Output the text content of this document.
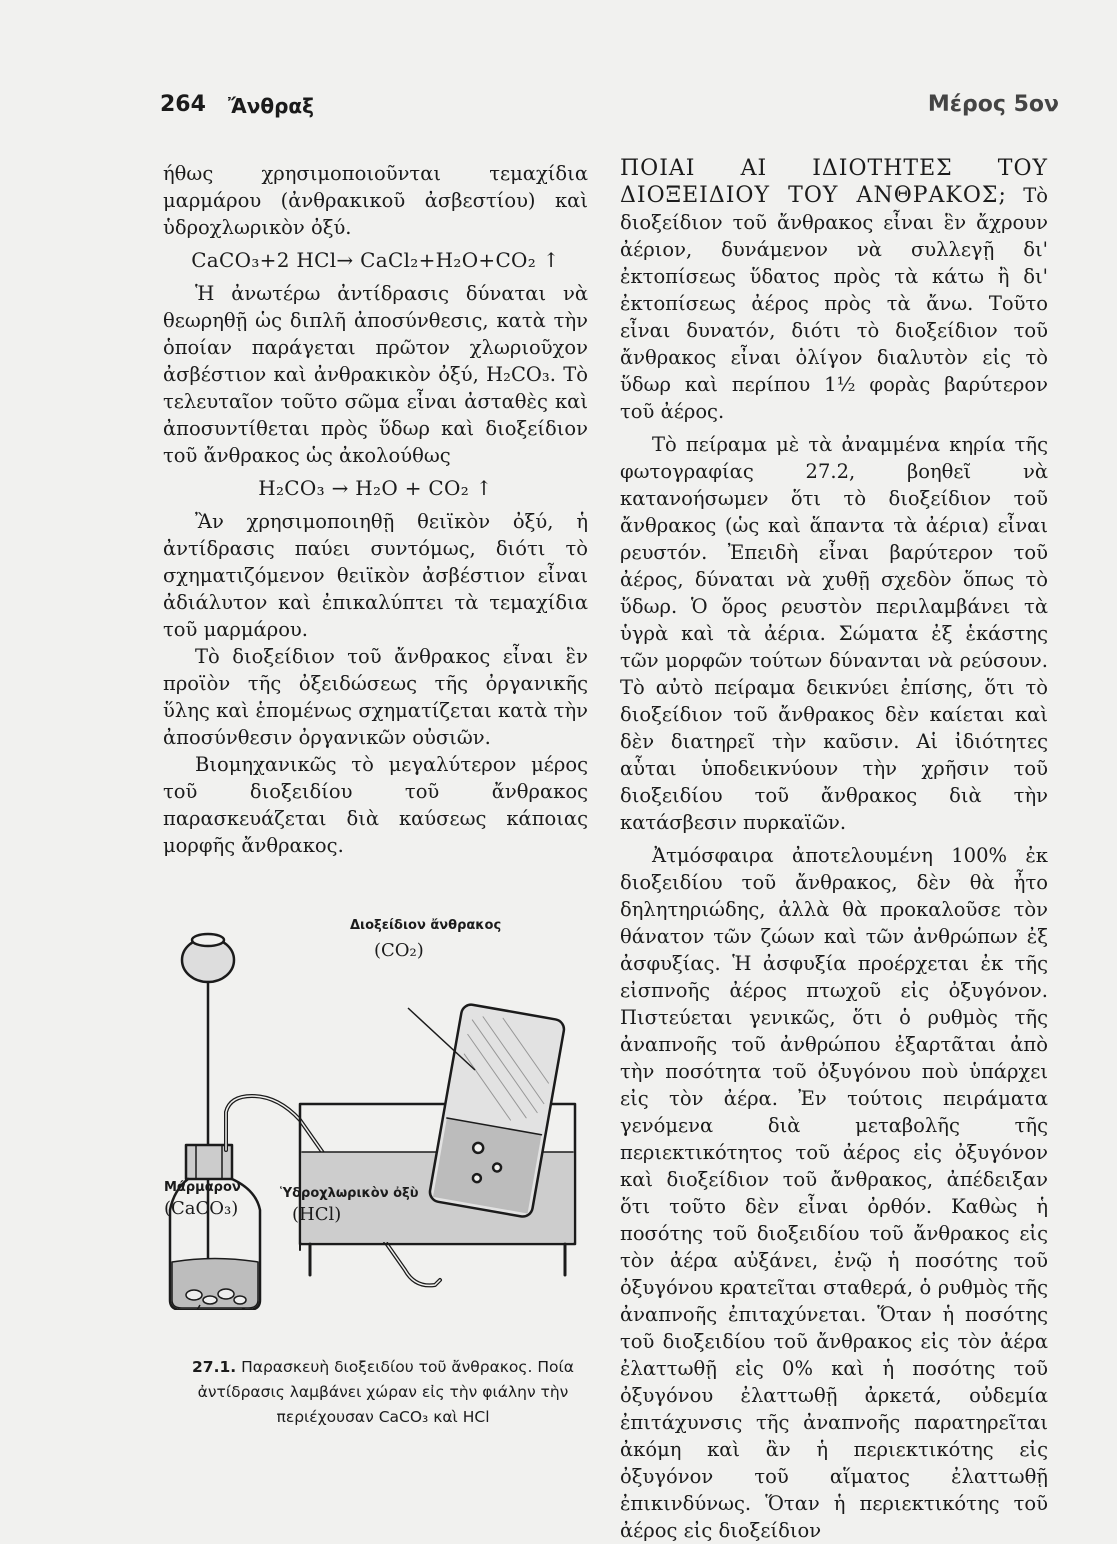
264 Ἄνθραξ	Μέρος 5ον

ήθως χρησιμοποιοῦνται τεμαχίδια μαρμάρου (ἀνθρακικοῦ ἀσβεστίου) καὶ ὑδροχλωρικὸν ὀξύ.

CaCO₃+2 HCl→ CaCl₂+H₂O+CO₂ ↑

Ἡ ἀνωτέρω ἀντίδρασις δύναται νὰ θεωρηθῇ ὡς διπλῆ ἀποσύνθεσις, κατὰ τὴν ὁποίαν παράγεται πρῶτον χλωριοῦχον ἀσβέστιον καὶ ἀνθρακικὸν ὀξύ, H₂CO₃. Τὸ τελευταῖον τοῦτο σῶμα εἶναι ἀσταθὲς καὶ ἀποσυντίθεται πρὸς ὕδωρ καὶ διοξείδιον τοῦ ἄνθρακος ὡς ἀκολούθως

H₂CO₃ → H₂O + CO₂ ↑

Ἂν χρησιμοποιηθῇ θειϊκὸν ὀξύ, ἡ ἀντίδρασις παύει συντόμως, διότι τὸ σχηματιζόμενον θειϊκὸν ἀσβέστιον εἶναι ἀδιάλυτον καὶ ἐπικαλύπτει τὰ τεμαχίδια τοῦ μαρμάρου.

Τὸ διοξείδιον τοῦ ἄνθρακος εἶναι ἓν προϊὸν τῆς ὀξειδώσεως τῆς ὀργανικῆς ὕλης καὶ ἑπομένως σχηματίζεται κατὰ τὴν ἀποσύνθεσιν ὀργανικῶν οὐσιῶν.

Βιομηχανικῶς τὸ μεγαλύτερον μέρος τοῦ διοξειδίου τοῦ ἄνθρακος παρασκευάζεται διὰ καύσεως κάποιας μορφῆς ἄνθρακος.

ΠΟΙΑΙ ΑΙ ΙΔΙΟΤΗΤΕΣ ΤΟΥ ΔΙΟΞΕΙΔΙΟΥ ΤΟΥ ΑΝΘΡΑΚΟΣ; Τὸ διοξείδιον τοῦ ἄνθρακος εἶναι ἓν ἄχρουν ἀέριον, δυνάμενον νὰ συλλεγῇ δι' ἐκτοπίσεως ὕδατος πρὸς τὰ κάτω ἢ δι' ἐκτοπίσεως ἀέρος πρὸς τὰ ἄνω. Τοῦτο εἶναι δυνατόν, διότι τὸ διοξείδιον τοῦ ἄνθρακος εἶναι ὀλίγον διαλυτὸν εἰς τὸ ὕδωρ καὶ περίπου 1½ φορὰς βαρύτερον τοῦ ἀέρος.

Τὸ πείραμα μὲ τὰ ἀναμμένα κηρία τῆς φωτογραφίας 27.2, βοηθεῖ νὰ κατανοήσωμεν ὅτι τὸ διοξείδιον τοῦ ἄνθρακος (ὡς καὶ ἅπαντα τὰ ἀέρια) εἶναι ρευστόν. Ἐπειδὴ εἶναι βαρύτερον τοῦ ἀέρος, δύναται νὰ χυθῇ σχεδὸν ὅπως τὸ ὕδωρ. Ὁ ὅρος ρευστὸν περιλαμβάνει τὰ ὑγρὰ καὶ τὰ ἀέρια. Σώματα ἐξ ἑκάστης τῶν μορφῶν τούτων δύνανται νὰ ρεύσουν. Τὸ αὐτὸ πείραμα δεικνύει ἐπίσης, ὅτι τὸ διοξείδιον τοῦ ἄνθρακος δὲν καίεται καὶ δὲν διατηρεῖ τὴν καῦσιν. Αἱ ἰδιότητες αὗται ὑποδεικνύουν τὴν χρῆσιν τοῦ διοξειδίου τοῦ ἄνθρακος διὰ τὴν κατάσβεσιν πυρκαϊῶν.

Ἀτμόσφαιρα ἀποτελουμένη 100% ἐκ διοξειδίου τοῦ ἄνθρακος, δὲν θὰ ἦτο δηλητηριώδης, ἀλλὰ θὰ προκαλοῦσε τὸν θάνατον τῶν ζώων καὶ τῶν ἀνθρώπων ἐξ ἀσφυξίας. Ἡ ἀσφυξία προέρχεται ἐκ τῆς εἰσπνοῆς ἀέρος πτωχοῦ εἰς ὀξυγόνον. Πιστεύεται γενικῶς, ὅτι ὁ ρυθμὸς τῆς ἀναπνοῆς τοῦ ἀνθρώπου ἐξαρτᾶται ἀπὸ τὴν ποσότητα τοῦ ὀξυγόνου ποὺ ὑπάρχει εἰς τὸν ἀέρα. Ἐν τούτοις πειράματα γενόμενα διὰ μεταβολῆς τῆς περιεκτικότητος τοῦ ἀέρος εἰς ὀξυγόνον καὶ διοξείδιον τοῦ ἄνθρακος, ἀπέδειξαν ὅτι τοῦτο δὲν εἶναι ὀρθόν. Καθὼς ἡ ποσότης τοῦ διοξειδίου τοῦ ἄνθρακος εἰς τὸν ἀέρα αὐξάνει, ἐνῷ ἡ ποσότης τοῦ ὀξυγόνου κρατεῖται σταθερά, ὁ ρυθμὸς τῆς ἀναπνοῆς ἐπιταχύνεται. Ὅταν ἡ ποσότης τοῦ διοξειδίου τοῦ ἄνθρακος εἰς τὸν ἀέρα ἐλαττωθῇ εἰς 0% καὶ ἡ ποσότης τοῦ ὀξυγόνου ἐλαττωθῇ ἀρκετά, οὐδεμία ἐπιτάχυνσις τῆς ἀναπνοῆς παρατηρεῖται ἀκόμη καὶ ἂν ἡ περιεκτικότης εἰς ὀξυγόνον τοῦ αἵματος ἐλαττωθῇ ἐπικινδύνως. Ὅταν ἡ περιεκτικότης τοῦ ἀέρος εἰς διοξείδιον

Διοξείδιον ἄνθρακος
(CO₂)
Μάρμαρον
(CaCO₃)
Ὑδροχλωρικὸν ὀξὺ
(HCl)
27.1. Παρασκευὴ διοξειδίου τοῦ ἄνθρακος. Ποία ἀντίδρασις λαμβάνει χώραν εἰς τὴν φιάλην τὴν περιέχουσαν CaCO₃ καὶ HCl
